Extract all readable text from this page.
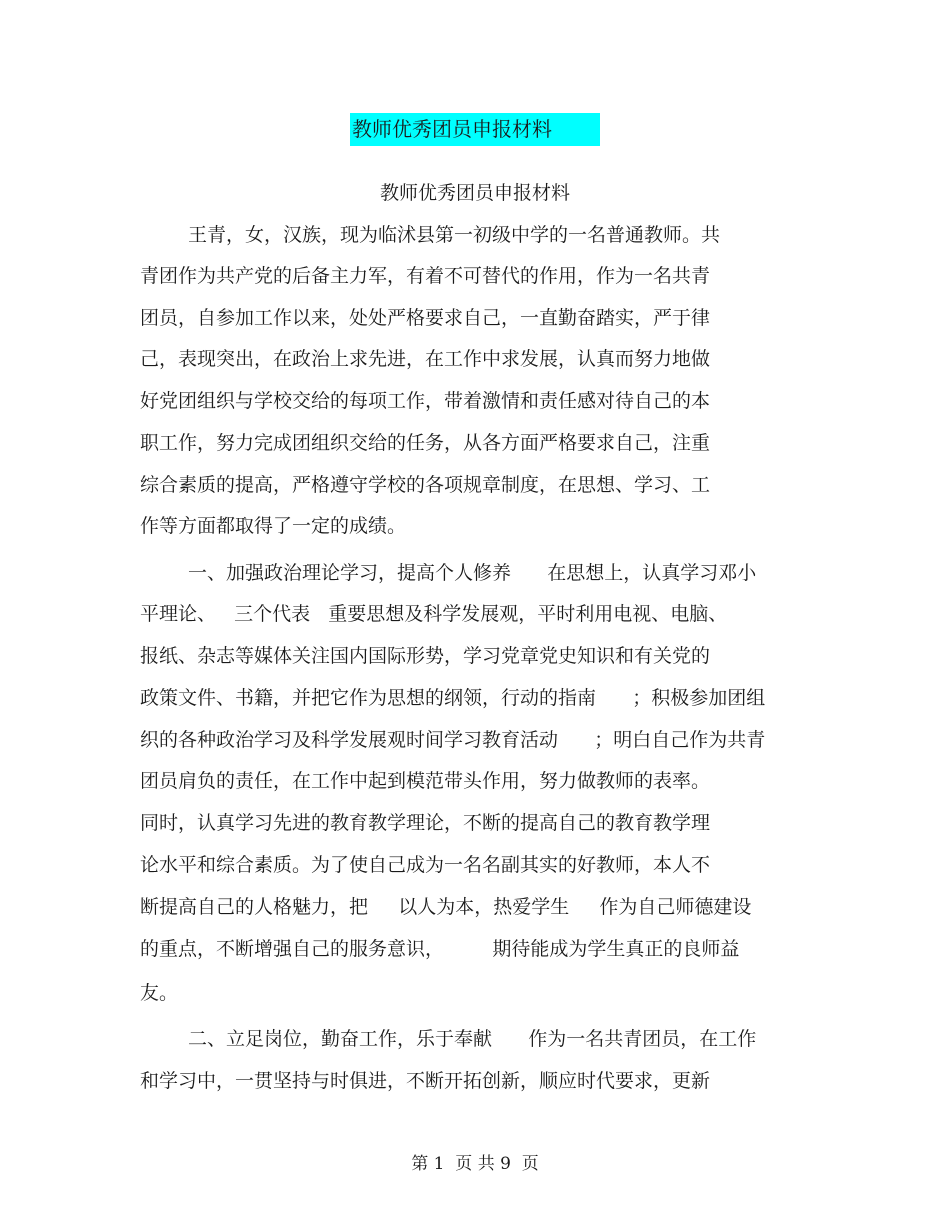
教师优秀团员申报材料
教师优秀团员申报材料
王青，女，汉族，现为临沭县第一初级中学的一名普通教师。共
青团作为共产党的后备主力军，有着不可替代的作用，作为一名共青
团员，自参加工作以来，处处严格要求自己，一直勤奋踏实，严于律
己，表现突出，在政治上求先进，在工作中求发展，认真而努力地做
好党团组织与学校交给的每项工作，带着激情和责任感对待自己的本
职工作，努力完成团组织交给的任务，从各方面严格要求自己，注重
综合素质的提高，严格遵守学校的各项规章制度，在思想、学习、工
作等方面都取得了一定的成绩。
一、加强政治理论学习，提高个人修养      在思想上，认真学习邓小
平理论、   三个代表   重要思想及科学发展观，平时利用电视、电脑、
报纸、杂志等媒体关注国内国际形势，学习党章党史知识和有关党的
政策文件、书籍，并把它作为思想的纲领，行动的指南      ；积极参加团组
织的各种政治学习及科学发展观时间学习教育活动      ；明白自己作为共青
团员肩负的责任，在工作中起到模范带头作用，努力做教师的表率。
同时，认真学习先进的教育教学理论，不断的提高自己的教育教学理
论水平和综合素质。为了使自己成为一名名副其实的好教师，本人不
断提高自己的人格魅力，把     以人为本，热爱学生     作为自己师德建设
的重点，不断增强自己的服务意识，        期待能成为学生真正的良师益
友。
二、立足岗位，勤奋工作，乐于奉献      作为一名共青团员，在工作
和学习中，一贯坚持与时俱进，不断开拓创新，顺应时代要求，更新
第 1  页 共 9  页
